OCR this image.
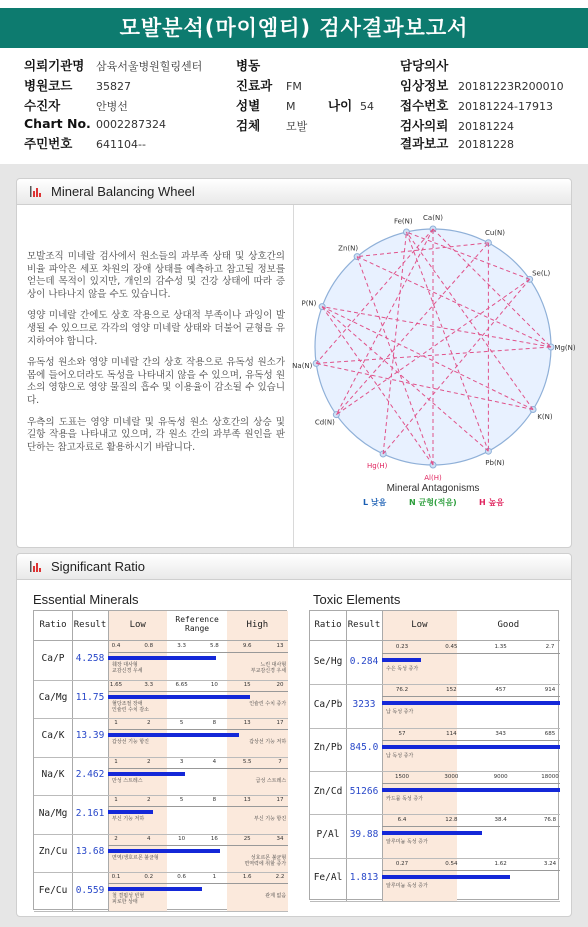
모발분석(마이엠티) 검사결과보고서
의뢰기관명 삼육서울병원힐링센터
병원코드 35827
수진자	안병선
Chart No. 0002287324
주민번호 641104--
병동
진료과 FM
성별 M
검체 모발
나이 54
담당의사
임상정보 20181223R200010
접수번호 20181224-17913
검사의뢰 20181224
결과보고 20181228
Mineral Balancing Wheel

모발조직 미네랄 검사에서 원소들의 과부족 상태 및 상호간의 비율 파악은 세포 차원의 장애 상태를 예측하고 참고될 정보를 얻는데 목적이 있지만, 개인의 감수성 및 건강 상태에 따라 증상이 나타나지 않을 수도 있습니다.

영양 미네랄 간에도 상호 작용으로 상대적 부족이나 과잉이 발생될 수 있으므로 각각의 영양 미네랄 상태와 더불어 균형을 유지하여야 합니다.

유독성 원소와 영양 미네랄 간의 상호 작용으로 유독성 원소가 몸에 들어오더라도 독성을 나타내지 않을 수 있으며, 유독성 원소의 영향으로 영양 물질의 흡수 및 이용율이 감소될 수 있습니다.

우측의 도표는 영양 미네랄 및 유독성 원소 상호간의 상승 및 길항 작용을 나타내고 있으며, 각 원소 간의 과부족 원인을 판단하는 참고자료로 활용하시기 바랍니다.

Ca(N)
Cu(N)
Se(L)
Mg(N)
K(N)
Pb(N)
Al(H)
Hg(H)
Cd(N)
Na(N)
P(N)
Zn(N)
Fe(N)
Mineral Antagonisms
L 낮음	N 균형(적음)	H 높음
Significant Ratio
Essential Minerals	Toxic Elements
Ratio Result	Low
Reference Range	High
Ca/P	4.258
0.4	0.8	3.3	5.8	9.6	13
췌장 대사형
교감신경 우세
느린 대사형
부교감신경 우세
Ca/Mg 11.75
1.65	3.3	6.65	10	15	20
혈당조절 장애
인슐린 수치 감소
인슐린 수치 증가
Ca/K	13.39
1	2	5	8	13	17
갑상선 기능 항진	갑상선 기능 저하
Na/K	2.462
1	2	3	4	5.5	7
만성 스트레스	급성 스트레스
Na/Mg 2.161
1	2	5	8	13	17
부신 기능 저하	부신 기능 항진
Zn/Cu 13.68
2	4	10	16	25	34
면역/생호르몬 불균형	성호르몬 불균형
면역력에 취할 증가
Fe/Cu 0.559
0.1	0.2	0.6	1	1.6	2.2
철 결핍성 빈혈
피로한 상태
관계 없음
Ratio Result	Low	Good
Se/Hg 0.284
0.23	0.45	1.35	2.7
수은 독성 증가
Ca/Pb	3233
76.2	152	457	914
납 독성 증가
Zn/Pb 845.0
57	114	343	685
납 독성 증가
Zn/Cd 51266
1500	3000	9000	18000
카드뮴 독성 증가
P/Al	39.88
6.4	12.8	38.4	76.8
알루미늄 독성 증가
Fe/Al 1.813
0.27	0.54	1.62	3.24
알루미늄 독성 증가
